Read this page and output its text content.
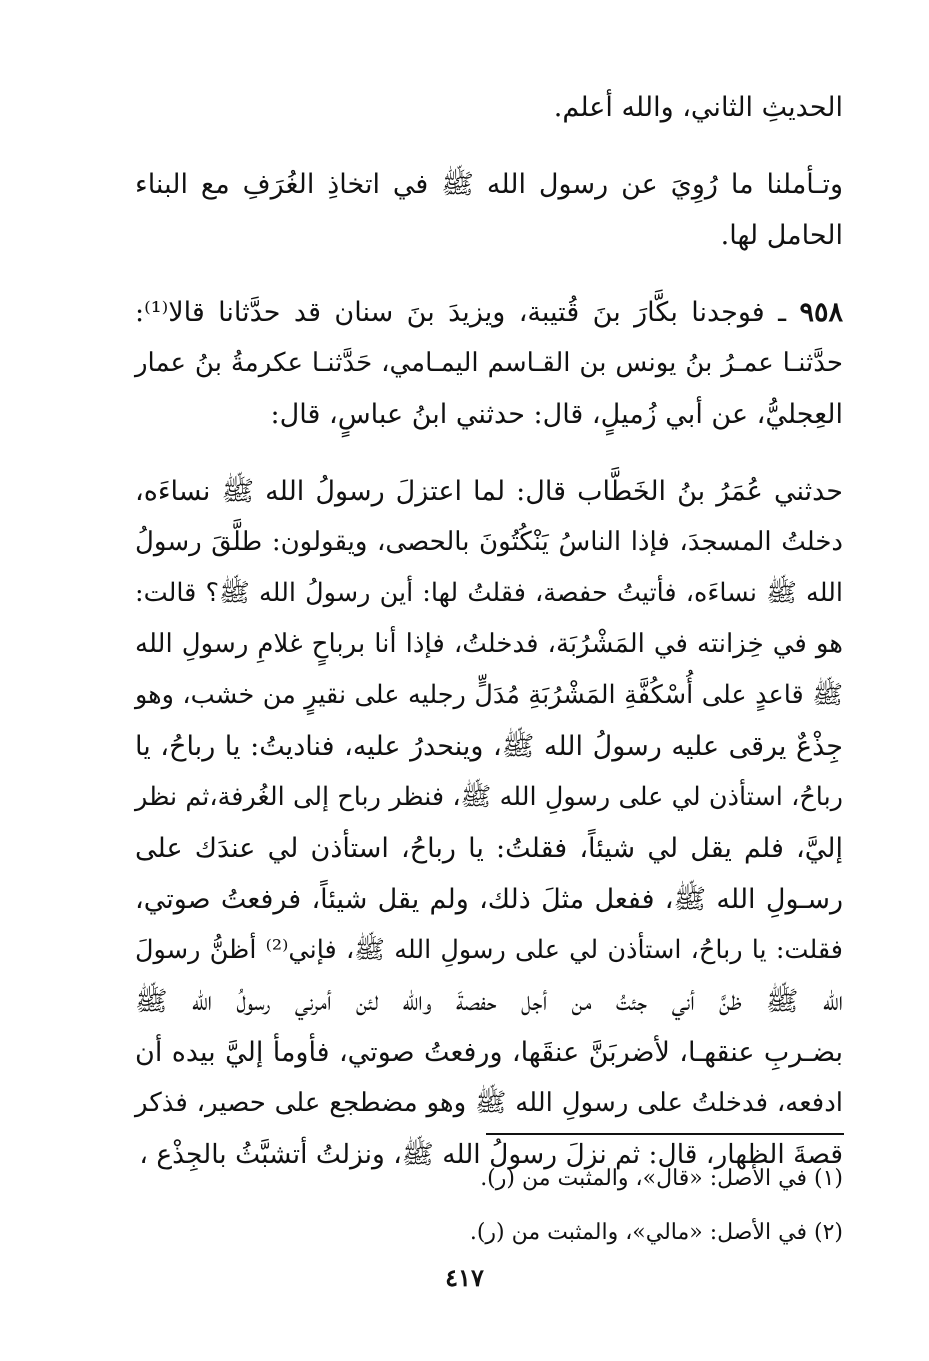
الحديثِ الثاني، والله أعلم.

وتـأملنا ما رُوِيَ عن رسول الله ﷺ في اتخاذِ الغُرَفِ مع البناء
الحامل لها.

٩٥٨ ـ فوجدنا بكَّارَ بنَ قُتيبة، ويزيدَ بنَ سنان قد حدَّثانا قالا⁽¹⁾:
حدَّثنـا عمـرُ بنُ يونس بن القـاسم اليمـامي، حَدَّثنـا عكرمةُ بنُ عمار
العِجليُّ، عن أبي زُميلٍ، قال: حدثني ابنُ عباسٍ، قال:

حدثني عُمَرُ بنُ الخَطَّاب قال: لما اعتزلَ رسولُ الله ﷺ نساءَه،
دخلتُ المسجدَ، فإذا الناسُ يَنْكُتُونَ بالحصى، ويقولون: طلَّقَ رسولُ
الله ﷺ نساءَه، فأتيتُ حفصة، فقلتُ لها: أين رسولُ الله ﷺ؟ قالت:
هو في خِزانته في المَشْرُبَة، فدخلتُ، فإذا أنا برباحٍ غلامِ رسولِ الله
ﷺ قاعدٍ على أُسْكُفَّةِ المَشْرُبَةِ مُدَلٍّ رجليه على نقيرٍ من خشب، وهو
جِذْعٌ يرقى عليه رسولُ الله ﷺ، وينحدرُ عليه، فناديتُ: يا رباحُ، يا
رباحُ، استأذن لي على رسولِ الله ﷺ، فنظر رباح إلى الغُرفة،ثم نظر
إليَّ، فلم يقل لي شيئاً، فقلتُ: يا رباحُ، استأذن لي عندَك على
رسـولِ الله ﷺ، ففعل مثلَ ذلك، ولم يقل شيئاً، فرفعتُ صوتي،
فقلت: يا رباحُ، استأذن لي على رسولِ الله ﷺ، فإني⁽²⁾ أظنُّ رسولَ
الله ﷺ ظنَّ أني جئتُ من أجل حفصةَ والله لئن أمرني رسولُ الله ﷺ
بضـربِ عنقهـا، لأضربَنَّ عنقَها، ورفعتُ صوتي، فأومأ إليَّ بيده أن
ادفعه، فدخلتُ على رسولِ الله ﷺ وهو مضطجع على حصير، فذكر
قصةَ الظهار، قال: ثم نزلَ رسولُ الله ﷺ، ونزلتُ أتشبَّثُ بالجِذْع ،

(١) في الأصل: «قال»، والمثبت من (ر).
(٢) في الأصل: «مالي»، والمثبت من (ر).
٤١٧
